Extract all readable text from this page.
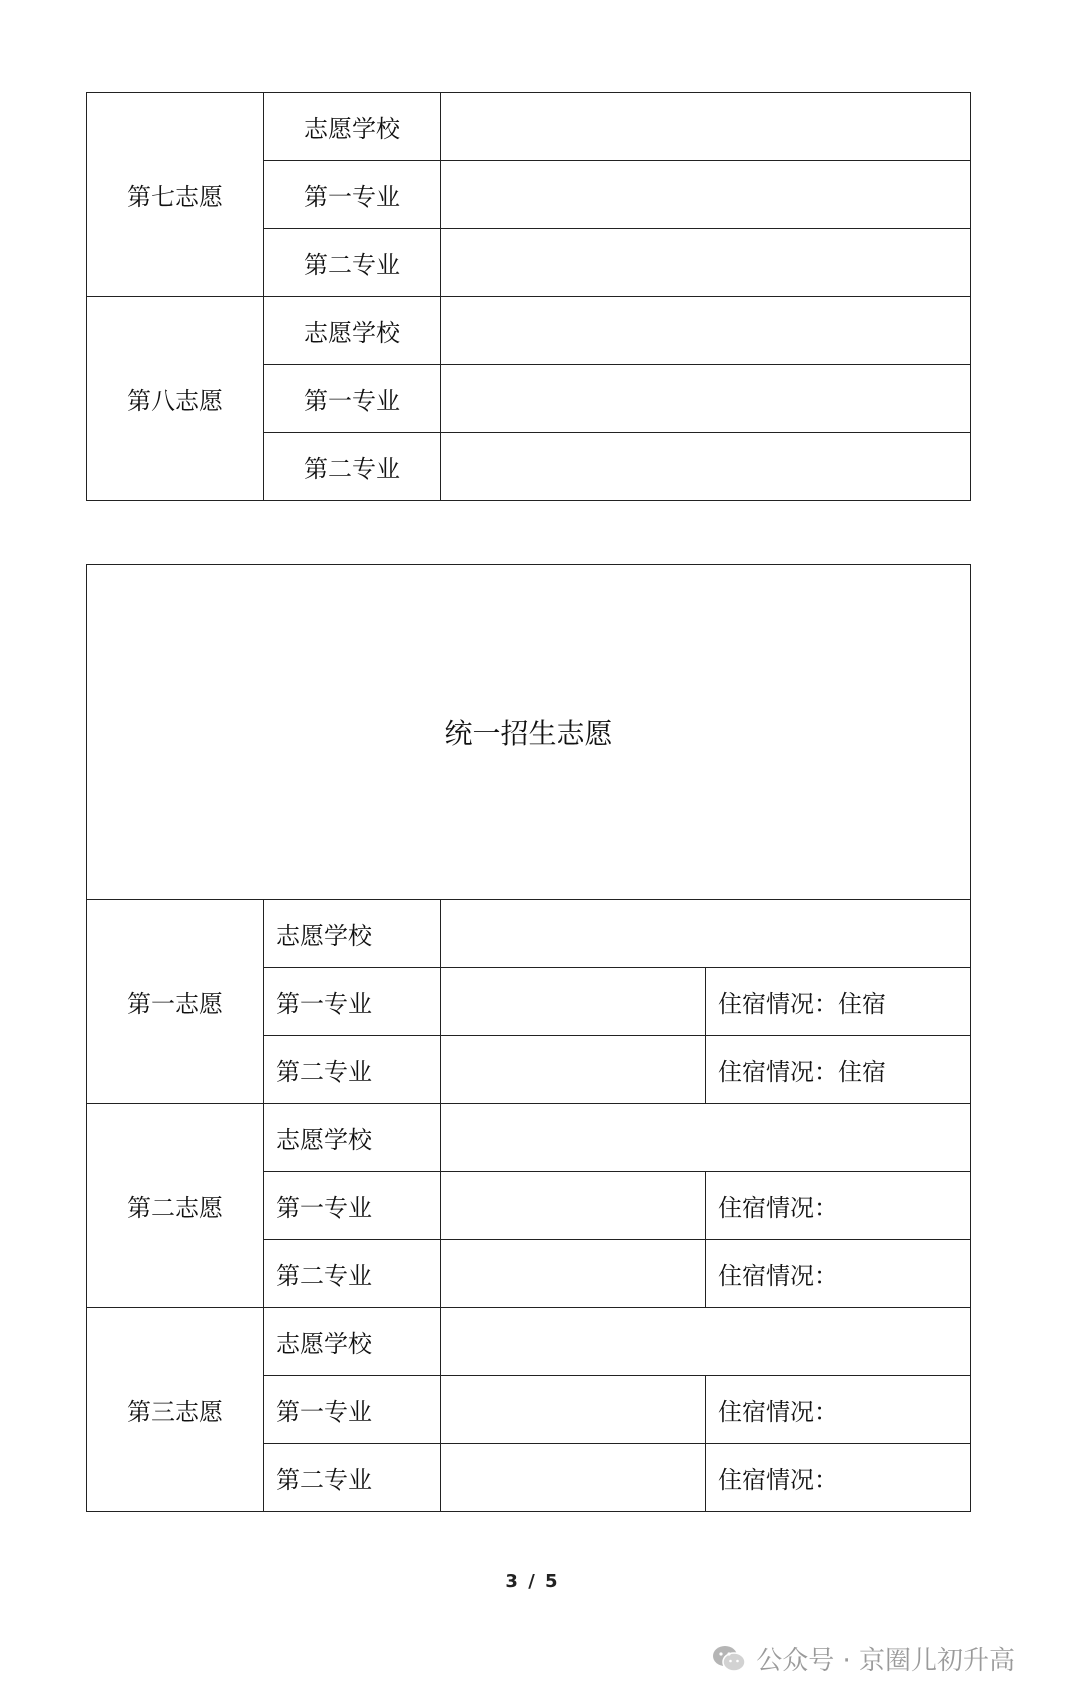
第七志愿	志愿学校	
	第一专业	
	第二专业	
第八志愿	志愿学校	
	第一专业	
	第二专业	
统一招生志愿			
第一志愿	志愿学校		
	第一专业		住宿情况：住宿
	第二专业		住宿情况：住宿
第二志愿	志愿学校		
	第一专业		住宿情况：
	第二专业		住宿情况：
第三志愿	志愿学校		
	第一专业		住宿情况：
	第二专业		住宿情况：
3 / 5
公众号 · 京圈儿初升高
